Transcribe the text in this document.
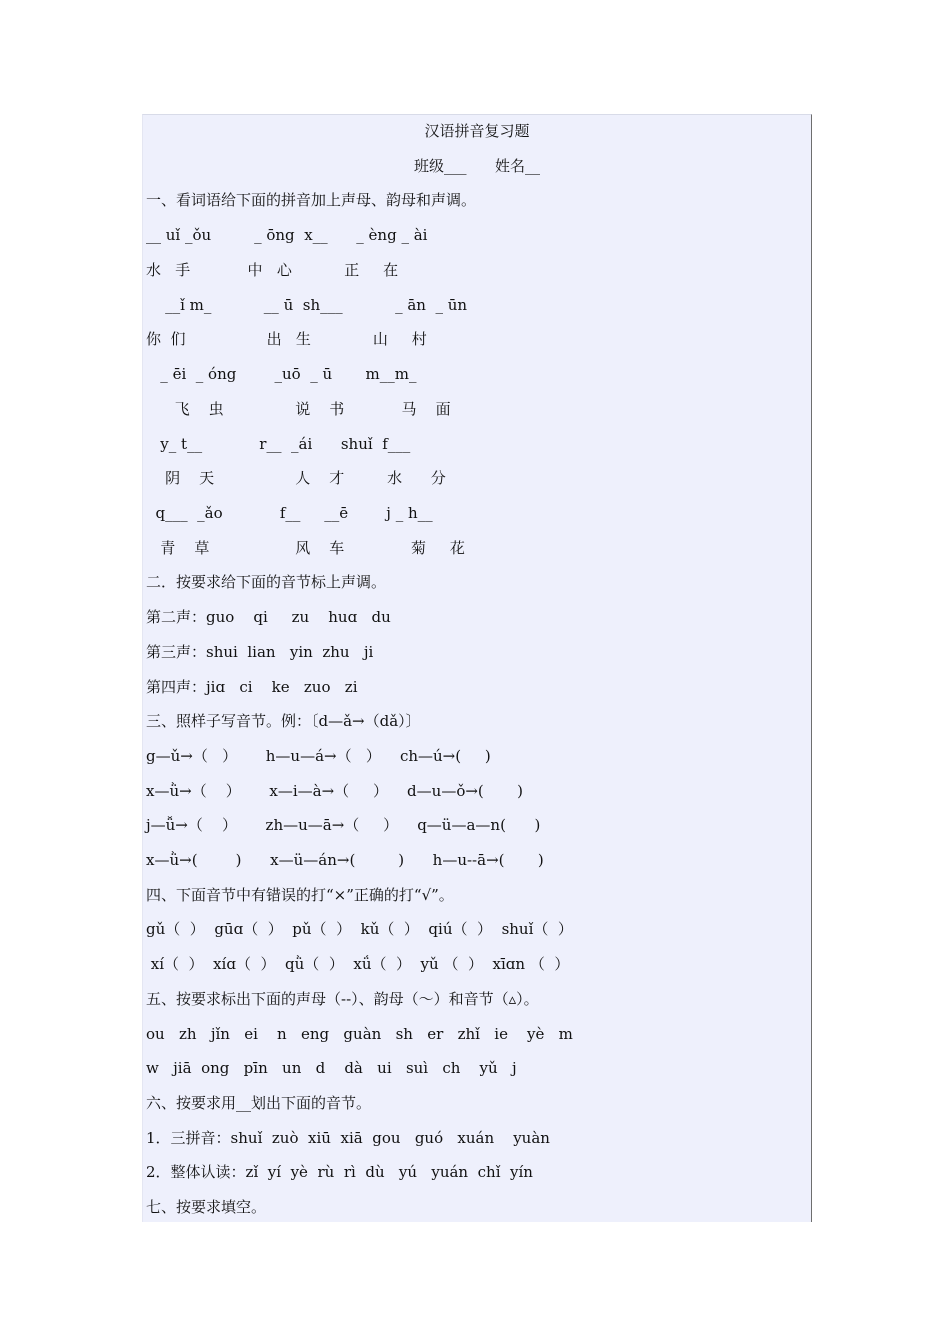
汉语拼音复习题
班级___      姓名__
一、看词语给下面的拼音加上声母、韵母和声调。
__ uǐ _ǒu         _ ōng  x__      _ èng _ ài
水   手            中   心           正     在
__ǐ m_           __ ū  sh___           _ ān  _ ūn
你  们                 出   生             山     村
_ ēi  _ óng        _uō  _ ū       m__m_
飞    虫               说    书            马    面
y_ t__            r__  _ái      shuǐ  f___
阴    天                 人    才         水      分
q___  _ǎo            f__     __ē        j _ h__
青    草                  风    车              菊     花
二．按要求给下面的音节标上声调。
第二声：guo    qi     zu    huɑ   du
第三声：shui  lian   yin  zhu   ji
第四声：jiɑ   ci    ke   zuo   zi
三、照样子写音节。例：〔d—ǎ→（dǎ）〕
g—ǔ→（   ）      h—u—á→（   ）    ch—ú→(     )
x—ǜ→（    ）      x—i—à→（     ）    d—u—ǒ→(       )
j—ǚ→（    ）      zh—u—ā→（     ）    q—ü—a—n(      )
x—ǜ→(        )      x—ü—án→(         )      h—u--ā→(       )
四、下面音节中有错误的打“×”正确的打“√”。
gǔ（  ）  gūɑ（  ）  pǔ（  ）  kǔ（  ）  qiú（  ）  shuǐ（  ）
xí（  ）  xíɑ（  ）  qǜ（  ）  xǘ（  ）  yǔ （  ）  xīɑn （  ）
五、按要求标出下面的声母（--）、韵母（～）和音节（▵）。
ou   zh   jǐn   ei    n   eng   guàn   sh   er   zhǐ   ie    yè   m
w   jiā  ong   pīn   un   d    dà   ui   suì   ch    yǔ   j
六、按要求用__划出下面的音节。
1．三拼音：shuǐ  zuò  xiū  xiā  gou   guó   xuán    yuàn
2．整体认读：zǐ  yí  yè  rù  rì  dù   yú   yuán  chǐ  yín
七、按要求填空。
